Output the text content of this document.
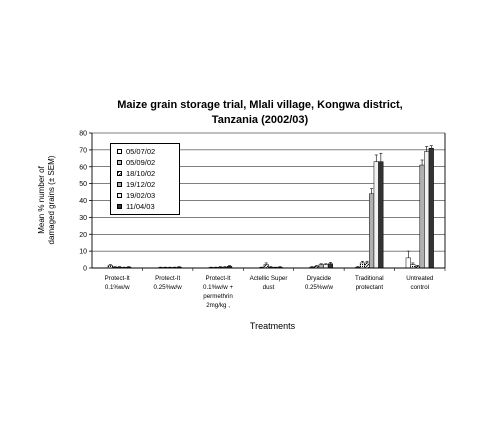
Maize grain storage trial, Mlali village, Kongwa district,
Tanzania (2002/03)
Mean % number of damaged grains (± SEM)
0
10
20
30
40
50
60
70
80
Protect-It 0.1%w/w
Protect-It 0.25%w/w
Protect-It 0.1%w/w + permethrin 2mg/kg ,
Actellic Super dust
Dryacide 0.25%w/w
Traditional protectant
Untreated control
05/07/02
05/09/02
18/10/02
19/12/02
19/02/03
11/04/03
Treatments
